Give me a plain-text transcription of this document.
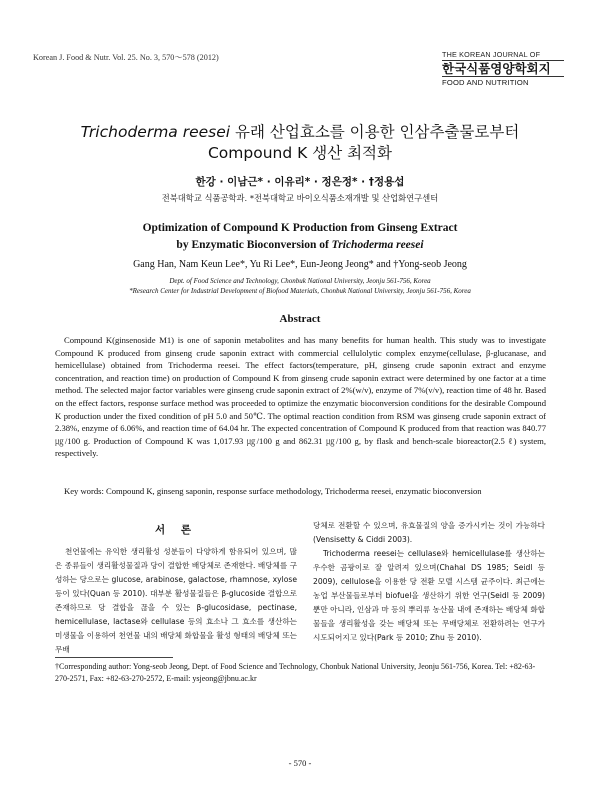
Korean J. Food & Nutr. Vol. 25. No. 3, 570～578 (2012)	THE KOREAN JOURNAL OF
한국식품영양학회지
FOOD AND NUTRITION
Trichoderma reesei 유래 산업효소를 이용한 인삼추출물로부터
Compound K 생산 최적화
한강 · 이남근* · 이유리* · 정은정* · †정용섭
전북대학교 식품공학과. *전북대학교 바이오식품소재개발 및 산업화연구센터
Optimization of Compound K Production from Ginseng Extract
by Enzymatic Bioconversion of Trichoderma reesei
Gang Han, Nam Keun Lee*, Yu Ri Lee*, Eun-Jeong Jeong* and †Yong-seob Jeong
Dept. of Food Science and Technology, Chonbuk National University, Jeonju 561-756, Korea
*Research Center for Industrial Development of Biofood Materials, Chonbuk National University, Jeonju 561-756, Korea
Abstract
Compound K(ginsenoside M1) is one of saponin metabolites and has many benefits for human health. This study was to investigate Compound K produced from ginseng crude saponin extract with commercial cellulolytic complex enzyme(cellulase, β-glucanase, and hemicellulase) obtained from Trichoderma reesei. The effect factors(temperature, pH, ginseng crude saponin extract and enzyme concentration, and reaction time) on production of Compound K from ginseng crude saponin extract were determined by one factor at a time method. The selected major factor variables were ginseng crude saponin extract of 2%(w/v), enzyme of 7%(v/v), reaction time of 48 hr. Based on the effect factors, response surface method was proceeded to optimize the enzymatic bioconversion conditions for the desirable Compound K production under the fixed condition of pH 5.0 and 50℃. The optimal reaction condition from RSM was ginseng crude saponin extract of 2.38%, enzyme of 6.06%, and reaction time of 64.04 hr. The expected concentration of Compound K produced from that reaction was 840.77 ㎍/100 g. Production of Compound K was 1,017.93 ㎍/100 g and 862.31 ㎍/100 g, by flask and bench-scale bioreactor(2.5 ℓ) system, respectively.
Key words: Compound K, ginseng saponin, response surface methodology, Trichoderma reesei, enzymatic bioconversion
서 론

천연물에는 유익한 생리활성 성분들이 다양하게 함유되어 있으며, 많은 종류들이 생리활성물질과 당이 결합한 배당체로 존재한다. 배당체를 구성하는 당으로는 glucose, arabinose, galactose, rhamnose, xylose 등이 있다(Quan 등 2010). 대부분 활성물질들은 β-glucoside 결합으로 존재하므로 당 결합을 끊을 수 있는 β-glucosidase, pectinase, hemicellulase, lactase와 cellulase 등의 효소나 그 효소를 생산하는 미생물을 이용하여 천연물 내의 배당체 화합물을 활성 형태의 배당체 또는 무배

당체로 전환할 수 있으며, 유효물질의 양을 증가시키는 것이 가능하다(Vensisetty & Ciddi 2003).

Trichoderma reesei는 cellulase와 hemicellulase를 생산하는 우수한 곰팡이로 잘 알려져 있으며(Chahal DS 1985; Seidl 등 2009), cellulose을 이용한 당 전환 모델 시스템 균주이다. 최근에는 농업 부산물들로부터 biofuel을 생산하기 위한 연구(Seidl 등 2009)뿐만 아니라, 인삼과 마 등의 뿌리류 농산물 내에 존재하는 배당체 화합물들을 생리활성을 갖는 배당체 또는 무배당체로 전환하려는 연구가 시도되어지고 있다(Park 등 2010; Zhu 등 2010).

†Corresponding author: Yong-seob Jeong, Dept. of Food Science and Technology, Chonbuk National University, Jeonju 561-756, Korea. Tel: +82-63-270-2571, Fax: +82-63-270-2572, E-mail: ysjeong@jbnu.ac.kr
- 570 -
